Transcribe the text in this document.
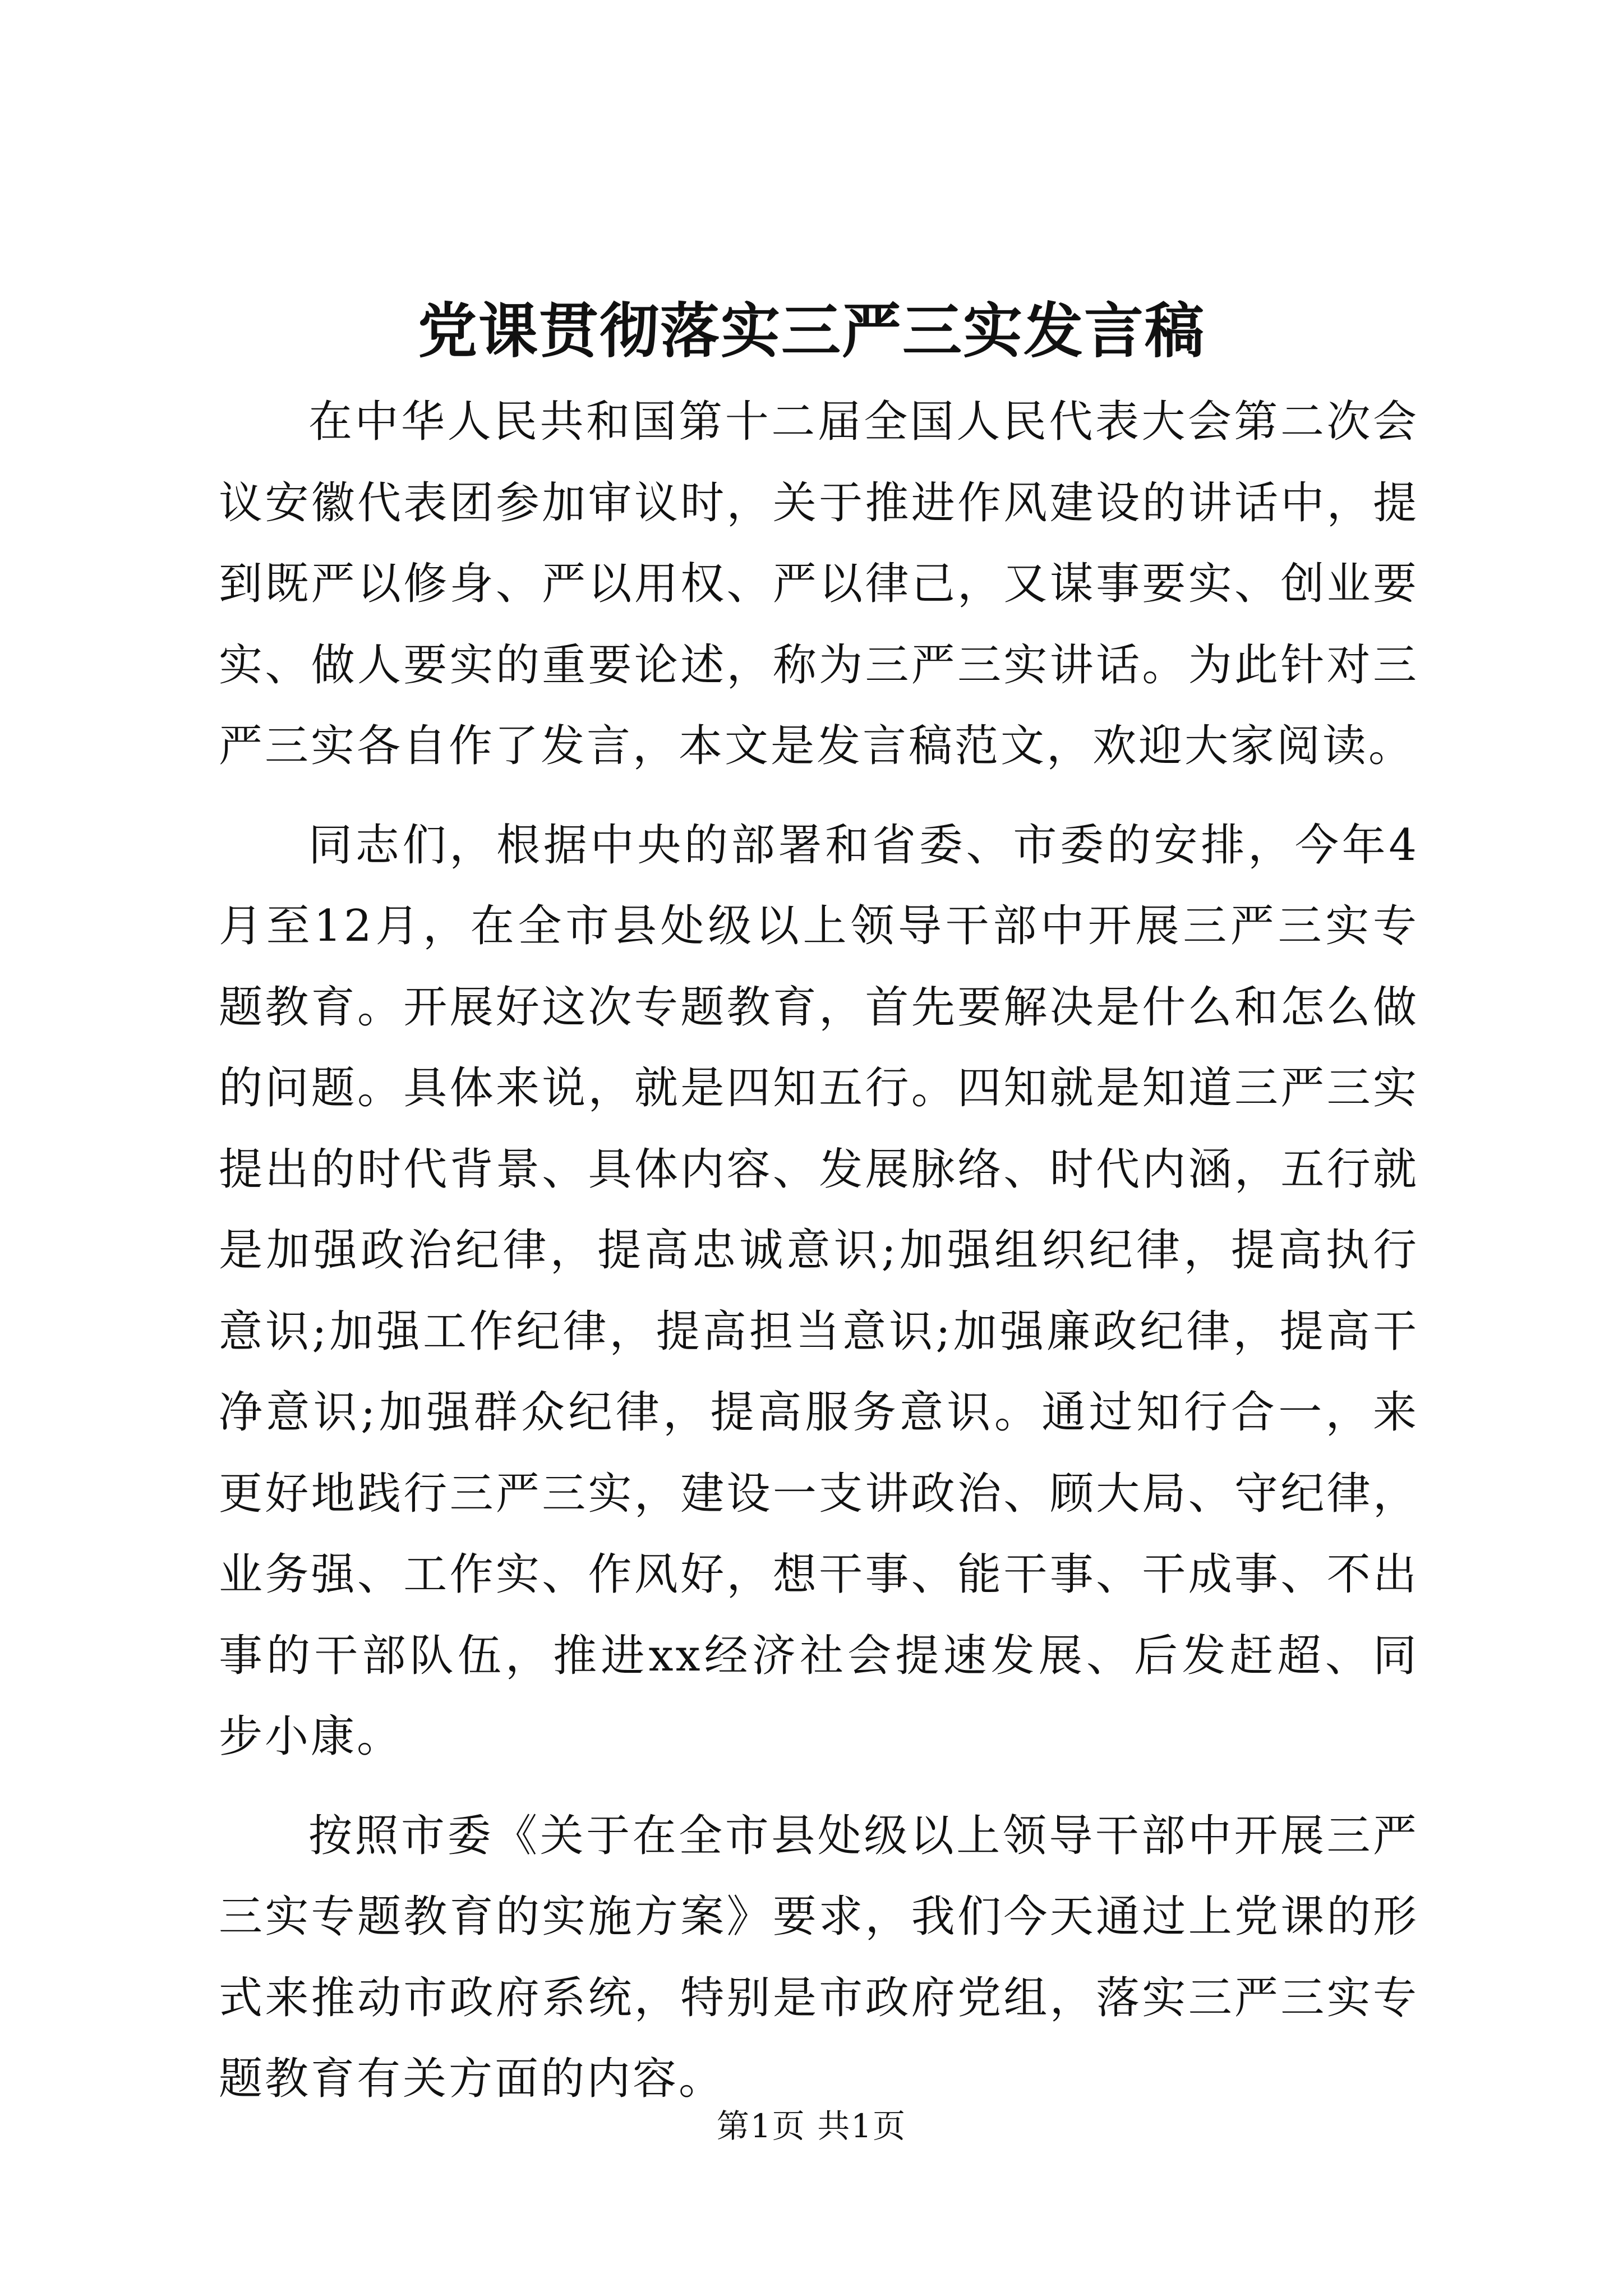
党课贯彻落实三严三实发言稿

在中华人民共和国第十二届全国人民代表大会第二次会议安徽代表团参加审议时，关于推进作风建设的讲话中，提到既严以修身、严以用权、严以律己，又谋事要实、创业要实、做人要实的重要论述，称为三严三实讲话。为此针对三严三实各自作了发言，本文是发言稿范文，欢迎大家阅读。

同志们，根据中央的部署和省委、市委的安排，今年4月至12月，在全市县处级以上领导干部中开展三严三实专题教育。开展好这次专题教育，首先要解决是什么和怎么做的问题。具体来说，就是四知五行。四知就是知道三严三实提出的时代背景、具体内容、发展脉络、时代内涵，五行就是加强政治纪律，提高忠诚意识;加强组织纪律，提高执行意识;加强工作纪律，提高担当意识;加强廉政纪律，提高干净意识;加强群众纪律，提高服务意识。通过知行合一，来更好地践行三严三实，建设一支讲政治、顾大局、守纪律，业务强、工作实、作风好，想干事、能干事、干成事、不出事的干部队伍，推进xx经济社会提速发展、后发赶超、同步小康。

按照市委《关于在全市县处级以上领导干部中开展三严三实专题教育的实施方案》要求，我们今天通过上党课的形式来推动市政府系统，特别是市政府党组，落实三严三实专题教育有关方面的内容。

第1页 共1页
